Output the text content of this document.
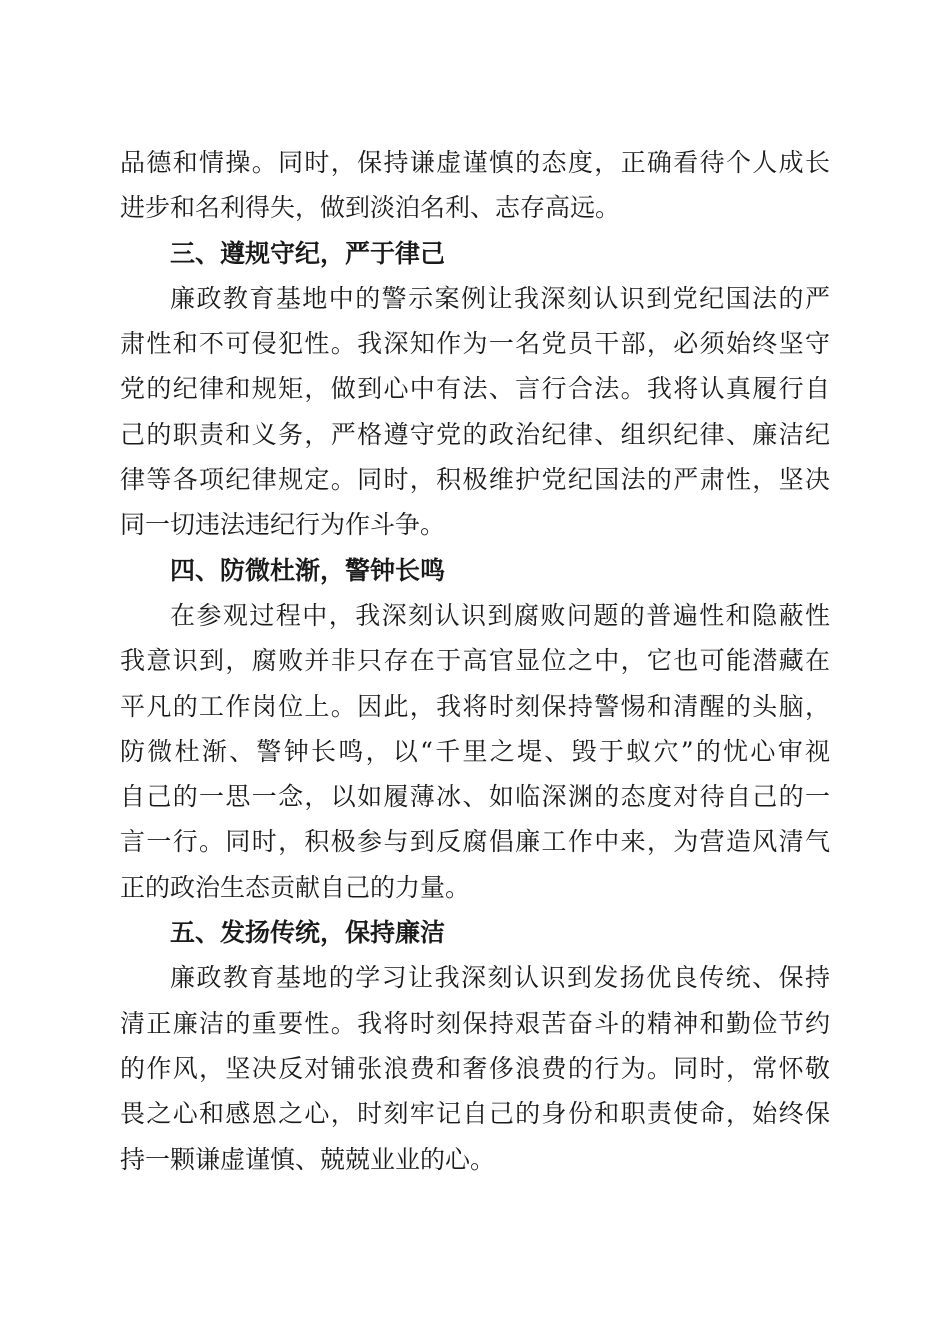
品德和情操。同时，保持谦虚谨慎的态度，正确看待个人成长
进步和名利得失，做到淡泊名利、志存高远。
三、遵规守纪，严于律己
廉政教育基地中的警示案例让我深刻认识到党纪国法的严
肃性和不可侵犯性。我深知作为一名党员干部，必须始终坚守
党的纪律和规矩，做到心中有法、言行合法。我将认真履行自
己的职责和义务，严格遵守党的政治纪律、组织纪律、廉洁纪
律等各项纪律规定。同时，积极维护党纪国法的严肃性，坚决
同一切违法违纪行为作斗争。
四、防微杜渐，警钟长鸣
在参观过程中，我深刻认识到腐败问题的普遍性和隐蔽性
我意识到，腐败并非只存在于高官显位之中，它也可能潜藏在
平凡的工作岗位上。因此，我将时刻保持警惕和清醒的头脑，
防微杜渐、警钟长鸣，以“千里之堤、毁于蚁穴”的忧心审视
自己的一思一念，以如履薄冰、如临深渊的态度对待自己的一
言一行。同时，积极参与到反腐倡廉工作中来，为营造风清气
正的政治生态贡献自己的力量。
五、发扬传统，保持廉洁
廉政教育基地的学习让我深刻认识到发扬优良传统、保持
清正廉洁的重要性。我将时刻保持艰苦奋斗的精神和勤俭节约
的作风，坚决反对铺张浪费和奢侈浪费的行为。同时，常怀敬
畏之心和感恩之心，时刻牢记自己的身份和职责使命，始终保
持一颗谦虚谨慎、兢兢业业的心。
